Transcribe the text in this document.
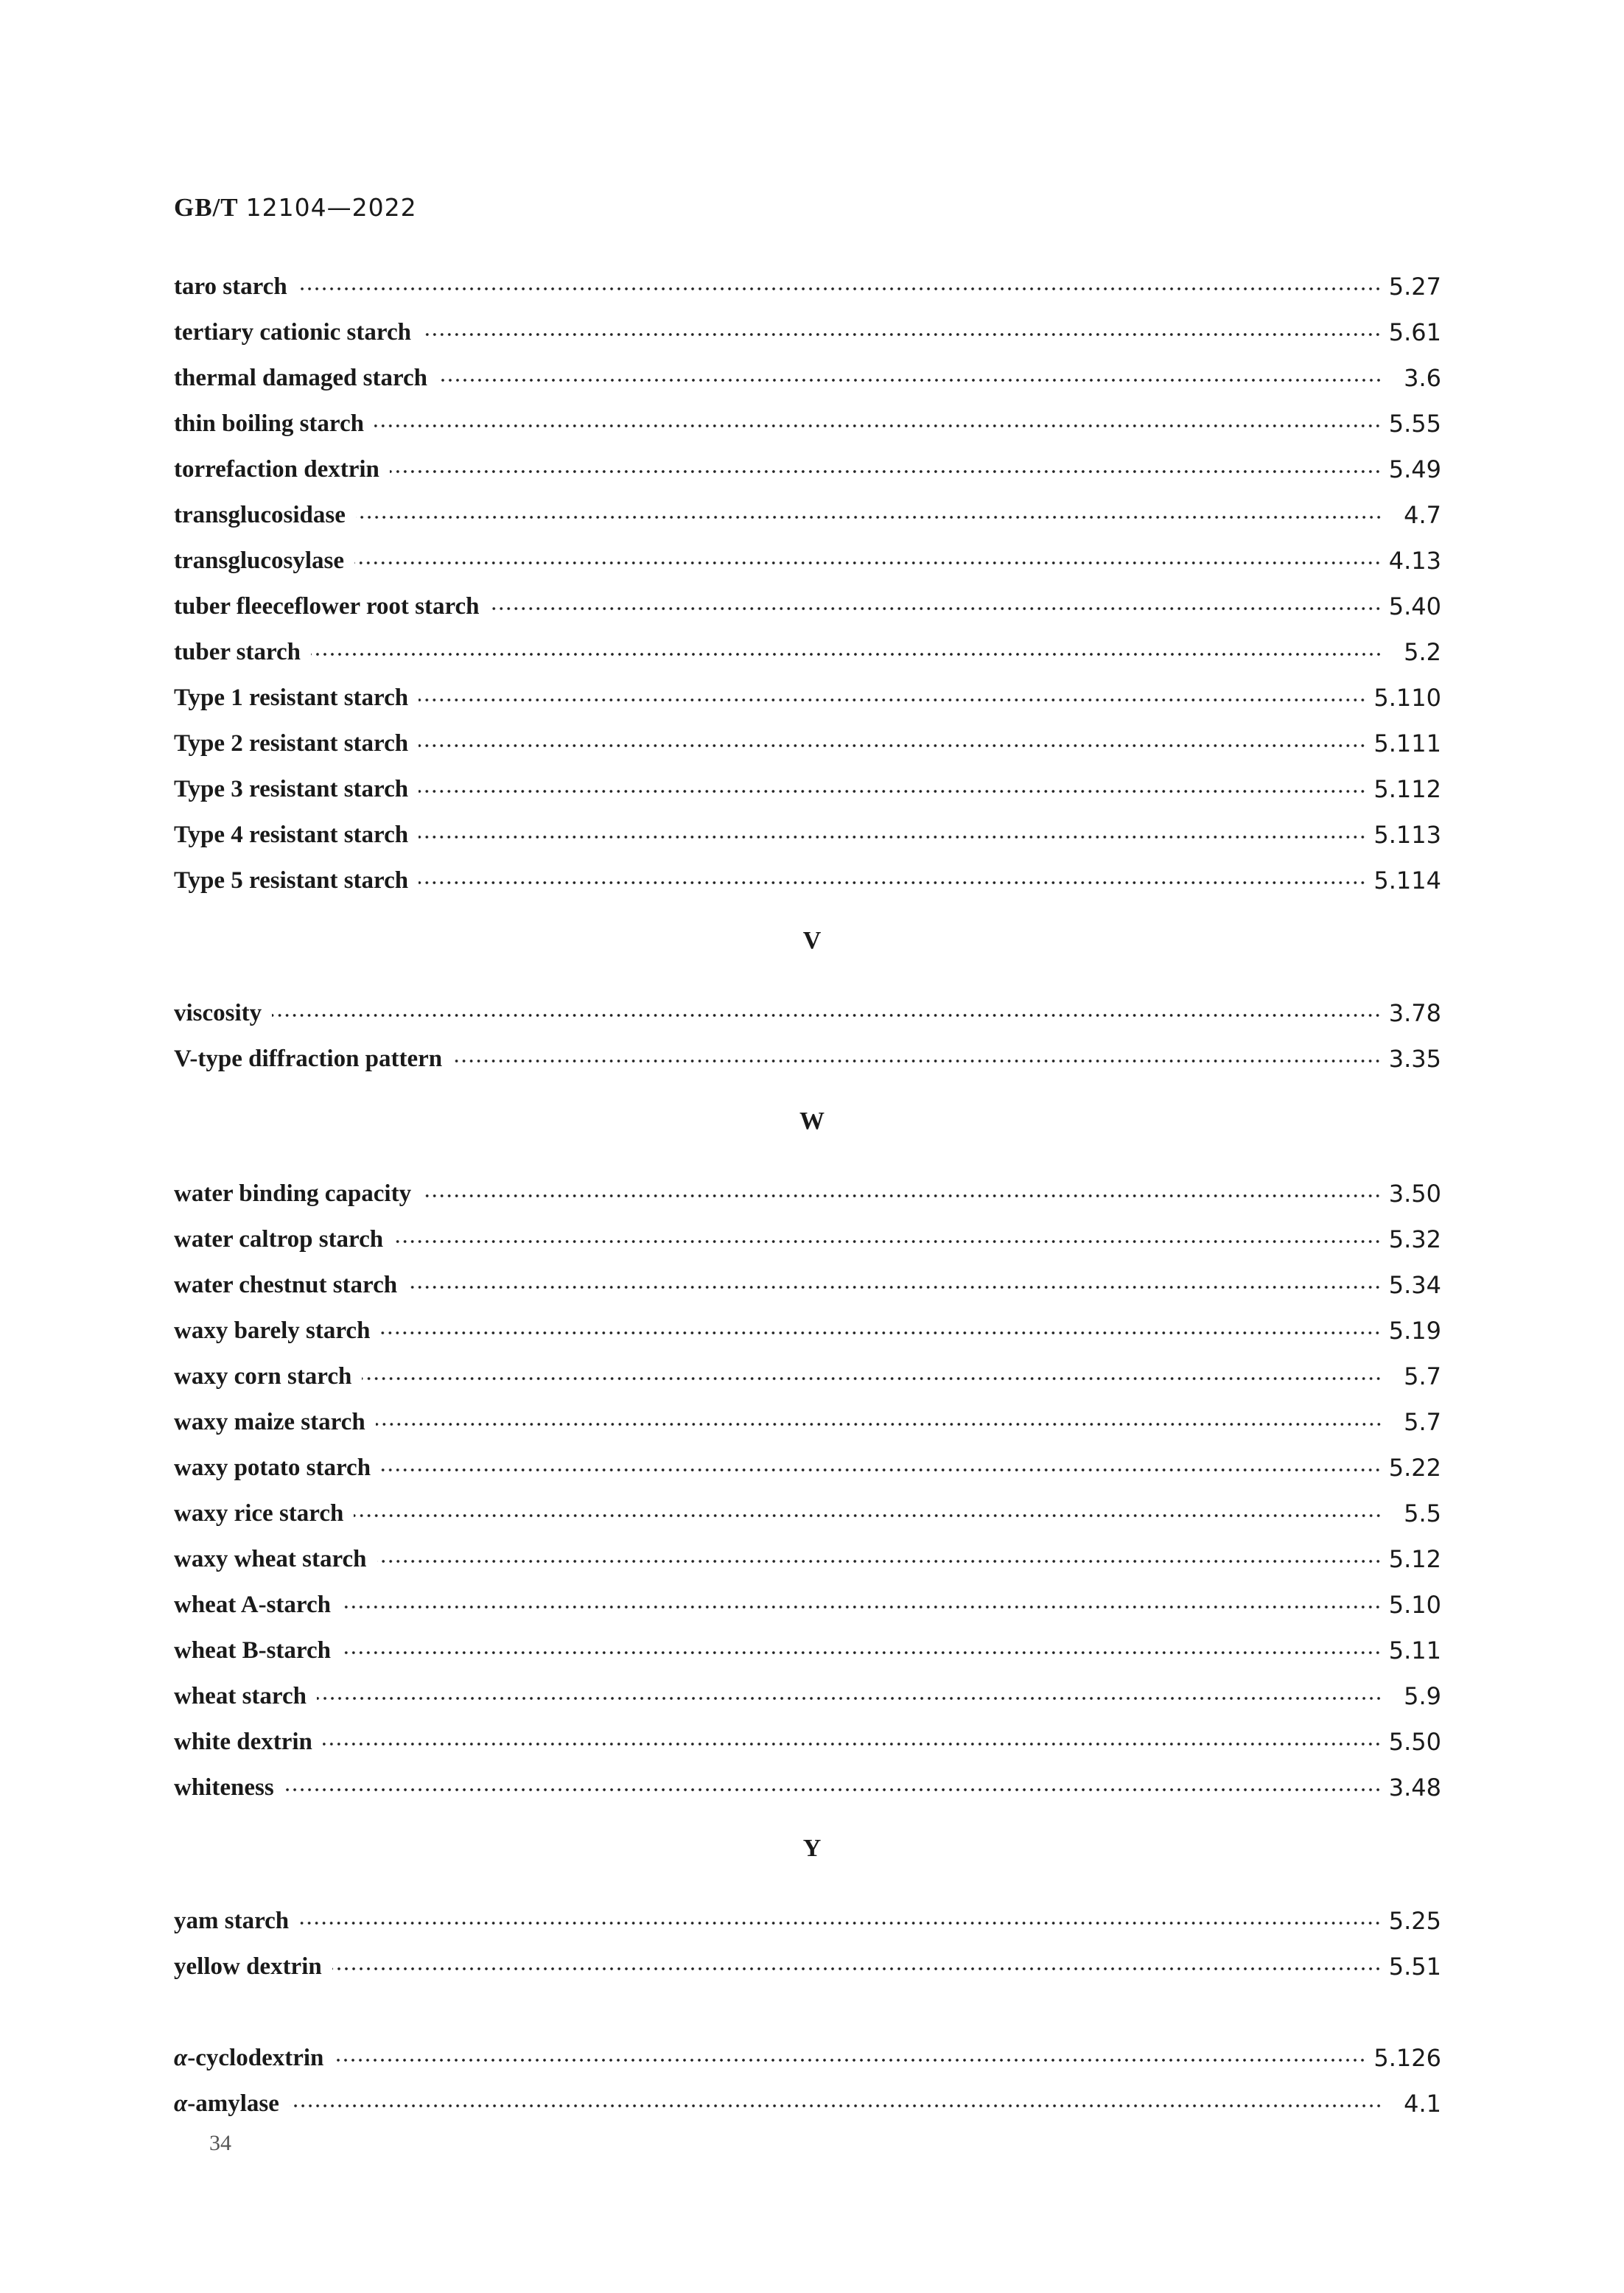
GB/T 12104—2022
taro starch	5.27
tertiary cationic starch	5.61
thermal damaged starch	3.6
thin boiling starch	5.55
torrefaction dextrin	5.49
transglucosidase	4.7
transglucosylase	4.13
tuber fleeceflower root starch	5.40
tuber starch	5.2
Type 1 resistant starch	5.110
Type 2 resistant starch	5.111
Type 3 resistant starch	5.112
Type 4 resistant starch	5.113
Type 5 resistant starch	5.114
V
viscosity	3.78
V-type diffraction pattern	3.35
W
water binding capacity	3.50
water caltrop starch	5.32
water chestnut starch	5.34
waxy barely starch	5.19
waxy corn starch	5.7
waxy maize starch	5.7
waxy potato starch	5.22
waxy rice starch	5.5
waxy wheat starch	5.12
wheat A-starch	5.10
wheat B-starch	5.11
wheat starch	5.9
white dextrin	5.50
whiteness	3.48
Y
yam starch	5.25
yellow dextrin	5.51
α-cyclodextrin	5.126
α-amylase	4.1
34
